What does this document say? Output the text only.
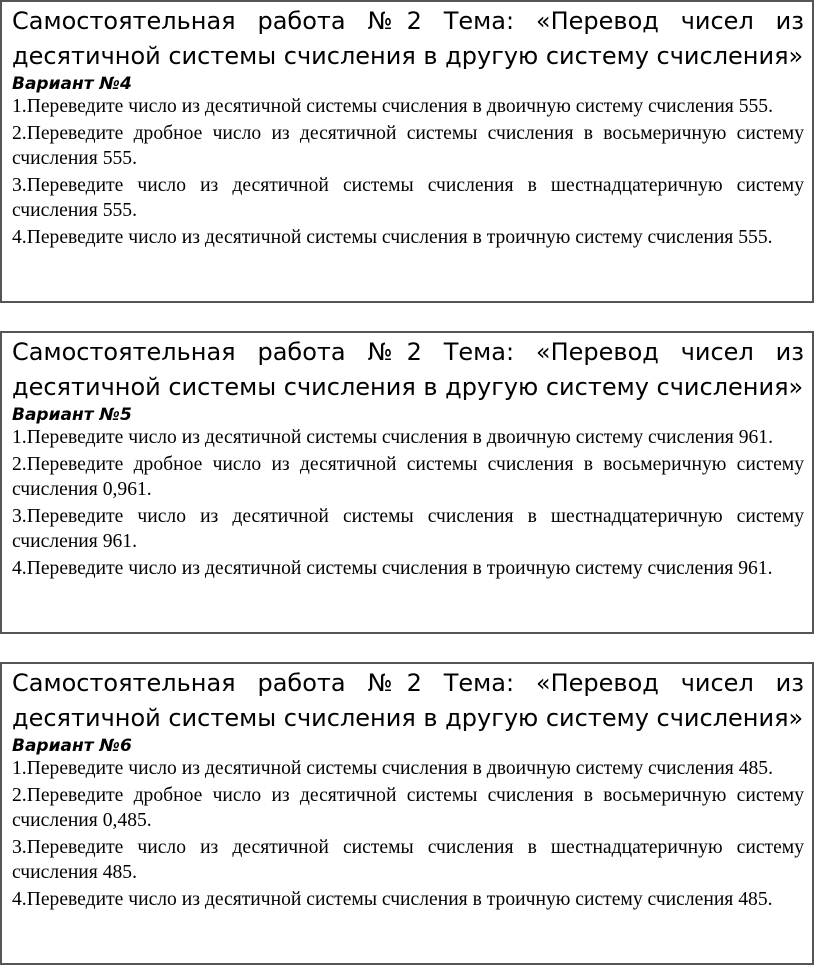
Самостоятельная работа №2 Тема: «Перевод чисел из десятичной системы счисления в другую систему счисления»

Вариант №4

1.Переведите число из десятичной системы счисления в двоичную систему счисления 555.

2.Переведите дробное число из десятичной системы счисления в восьмеричную систему счисления 555.

3.Переведите число из десятичной системы счисления в шестнадцатеричную систему счисления 555.

4.Переведите число из десятичной системы счисления в троичную систему счисления 555.

Самостоятельная работа №2 Тема: «Перевод чисел из десятичной системы счисления в другую систему счисления»

Вариант №5

1.Переведите число из десятичной системы счисления в двоичную систему счисления 961.

2.Переведите дробное число из десятичной системы счисления в восьмеричную систему счисления 0,961.

3.Переведите число из десятичной системы счисления в шестнадцатеричную систему счисления 961.

4.Переведите число из десятичной системы счисления в троичную систему счисления 961.

Самостоятельная работа №2 Тема: «Перевод чисел из десятичной системы счисления в другую систему счисления»

Вариант №6

1.Переведите число из десятичной системы счисления в двоичную систему счисления 485.

2.Переведите дробное число из десятичной системы счисления в восьмеричную систему счисления 0,485.

3.Переведите число из десятичной системы счисления в шестнадцатеричную систему счисления 485.

4.Переведите число из десятичной системы счисления в троичную систему счисления 485.
